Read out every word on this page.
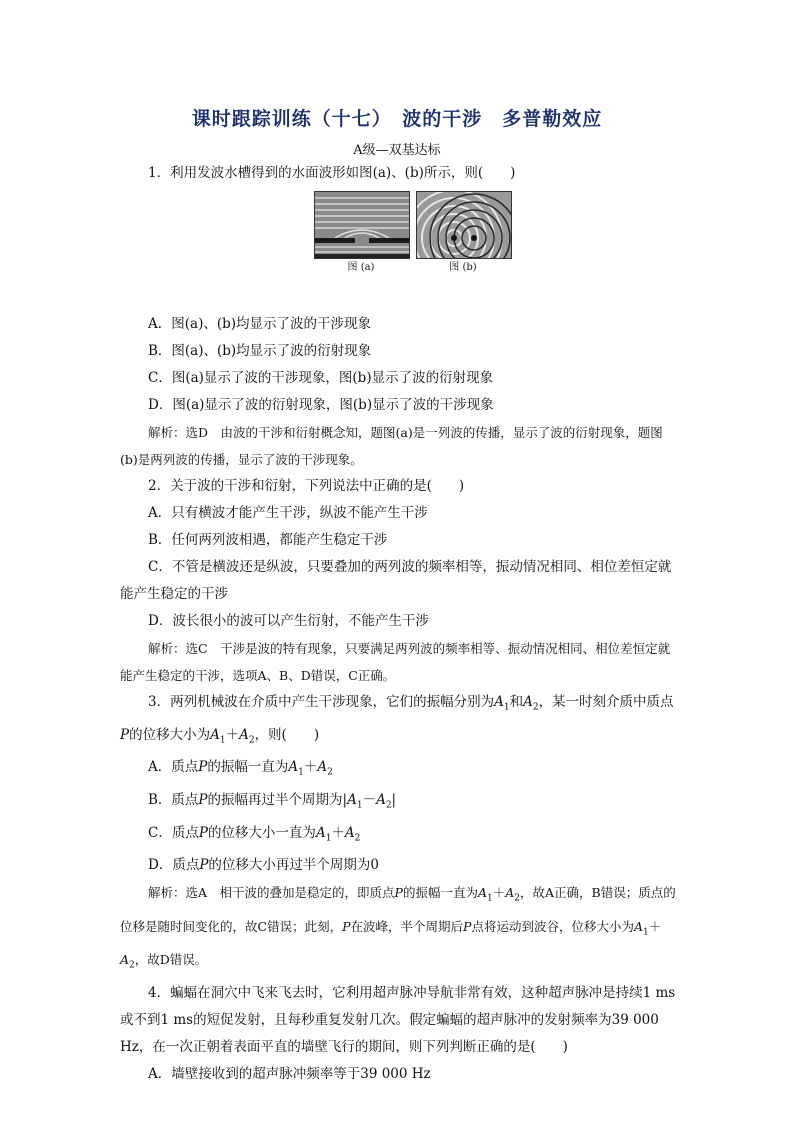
课时跟踪训练（十七）　波的干涉　多普勒效应
A级—双基达标

1．利用发波水槽得到的水面波形如图(a)、(b)所示，则(　　)

图 (a)	图 (b)

A．图(a)、(b)均显示了波的干涉现象

B．图(a)、(b)均显示了波的衍射现象

C．图(a)显示了波的干涉现象，图(b)显示了波的衍射现象

D．图(a)显示了波的衍射现象，图(b)显示了波的干涉现象

解析：选D　由波的干涉和衍射概念知，题图(a)是一列波的传播，显示了波的衍射现象，题图(b)是两列波的传播，显示了波的干涉现象。

2．关于波的干涉和衍射，下列说法中正确的是(　　)

A．只有横波才能产生干涉，纵波不能产生干涉

B．任何两列波相遇，都能产生稳定干涉

C．不管是横波还是纵波，只要叠加的两列波的频率相等，振动情况相同、相位差恒定就能产生稳定的干涉

D．波长很小的波可以产生衍射，不能产生干涉

解析：选C　干涉是波的特有现象，只要满足两列波的频率相等、振动情况相同、相位差恒定就能产生稳定的干涉，选项A、B、D错误，C正确。

3．两列机械波在介质中产生干涉现象，它们的振幅分别为$A_1$和$A_2$，某一时刻介质中质点P的位移大小为$A_1+A_2$，则(　　)

A．质点P的振幅一直为$A_1+A_2$

B．质点P的振幅再过半个周期为$|A_1-A_2|$

C．质点P的位移大小一直为$A_1+A_2$

D．质点P的位移大小再过半个周期为0

解析：选A　相干波的叠加是稳定的，即质点P的振幅一直为$A_1+A_2$，故A正确，B错误；质点的位移是随时间变化的，故C错误；此刻，P在波峰，半个周期后P点将运动到波谷，位移大小为$A_1+A_2$，故D错误。

4．蝙蝠在洞穴中飞来飞去时，它利用超声脉冲导航非常有效，这种超声脉冲是持续1 ms或不到1 ms的短促发射，且每秒重复发射几次。假定蝙蝠的超声脉冲的发射频率为39 000 Hz，在一次正朝着表面平直的墙壁飞行的期间，则下列判断正确的是(　　)

A．墙壁接收到的超声脉冲频率等于39 000 Hz
